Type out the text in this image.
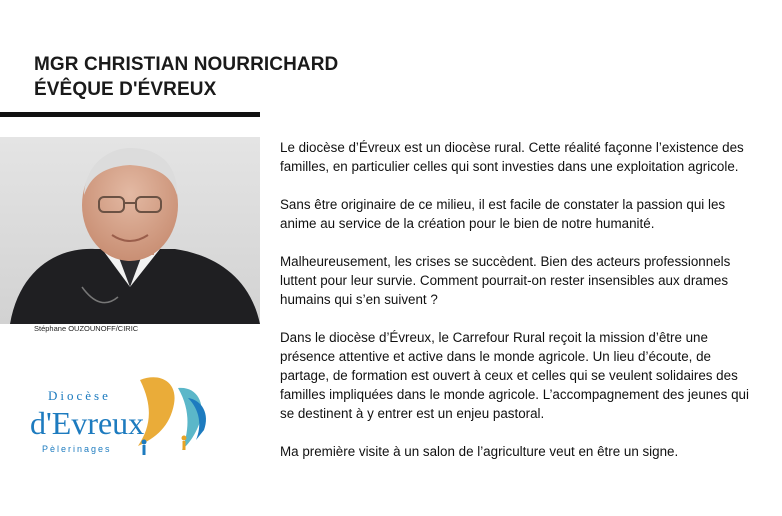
MGR CHRISTIAN NOURRICHARD
ÉVÊQUE D'ÉVREUX
Stéphane OUZOUNOFF/CIRIC
Diocèse
d'Evreux
Pèlerinages

Le diocèse d’Évreux est un diocèse rural. Cette réalité façonne l’existence des familles, en particulier celles qui sont investies dans une exploitation agricole.

Sans être originaire de ce milieu, il est facile de constater la passion qui les anime au service de la création pour le bien de notre humanité.

Malheureusement, les crises se succèdent. Bien des acteurs professionnels luttent pour leur survie. Comment pourrait-on rester insensibles aux drames humains qui s’en suivent ?

Dans le diocèse d’Évreux, le Carrefour Rural reçoit la mission d’être une présence attentive et active dans le monde agricole. Un lieu d’écoute, de partage, de formation est ouvert à ceux et celles qui se veulent solidaires des familles impliquées dans le monde agricole. L’accompagnement des jeunes qui se destinent à y entrer est un enjeu pastoral.

Ma première visite à un salon de l’agriculture veut en être un signe.
